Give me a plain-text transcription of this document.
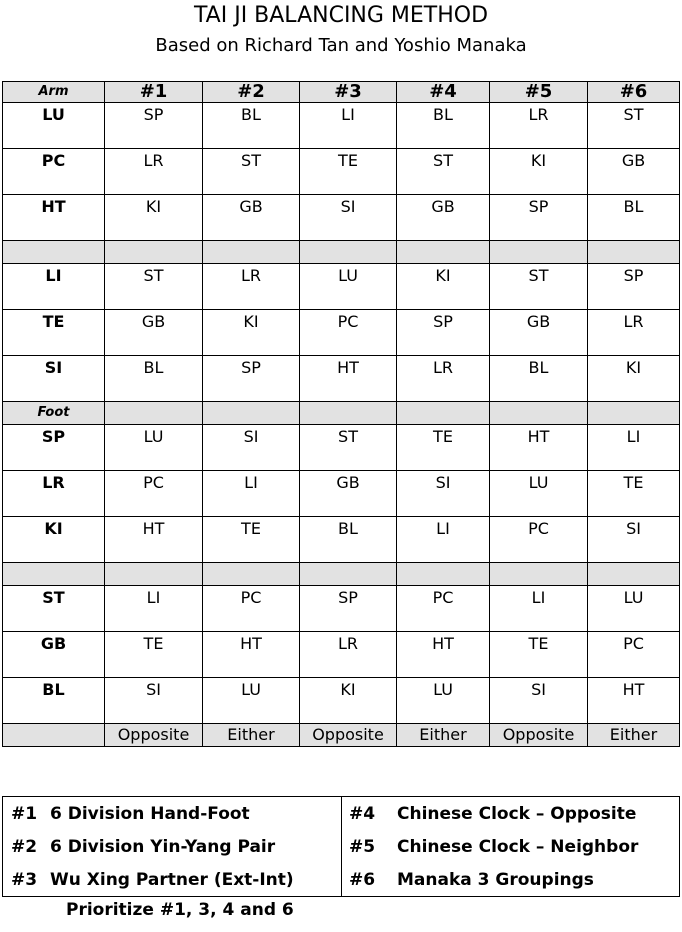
TAI JI BALANCING METHOD
Based on Richard Tan and Yoshio Manaka
Arm	#1	#2	#3	#4	#5	#6
LU	SP	BL	LI	BL	LR	ST
PC	LR	ST	TE	ST	KI	GB
HT	KI	GB	SI	GB	SP	BL

LI	ST	LR	LU	KI	ST	SP
TE	GB	KI	PC	SP	GB	LR
SI	BL	SP	HT	LR	BL	KI
Foot						
SP	LU	SI	ST	TE	HT	LI
LR	PC	LI	GB	SI	LU	TE
KI	HT	TE	BL	LI	PC	SI

ST	LI	PC	SP	PC	LI	LU
GB	TE	HT	LR	HT	TE	PC
BL	SI	LU	KI	LU	SI	HT
	Opposite	Either	Opposite	Either	Opposite	Either
#1 6 Division Hand-Foot
#2 6 Division Yin-Yang Pair
#3 Wu Xing Partner (Ext-Int)

#4	Chinese Clock – Opposite
#5	Chinese Clock – Neighbor
#6	Manaka 3 Groupings
Prioritize #1, 3, 4 and 6
